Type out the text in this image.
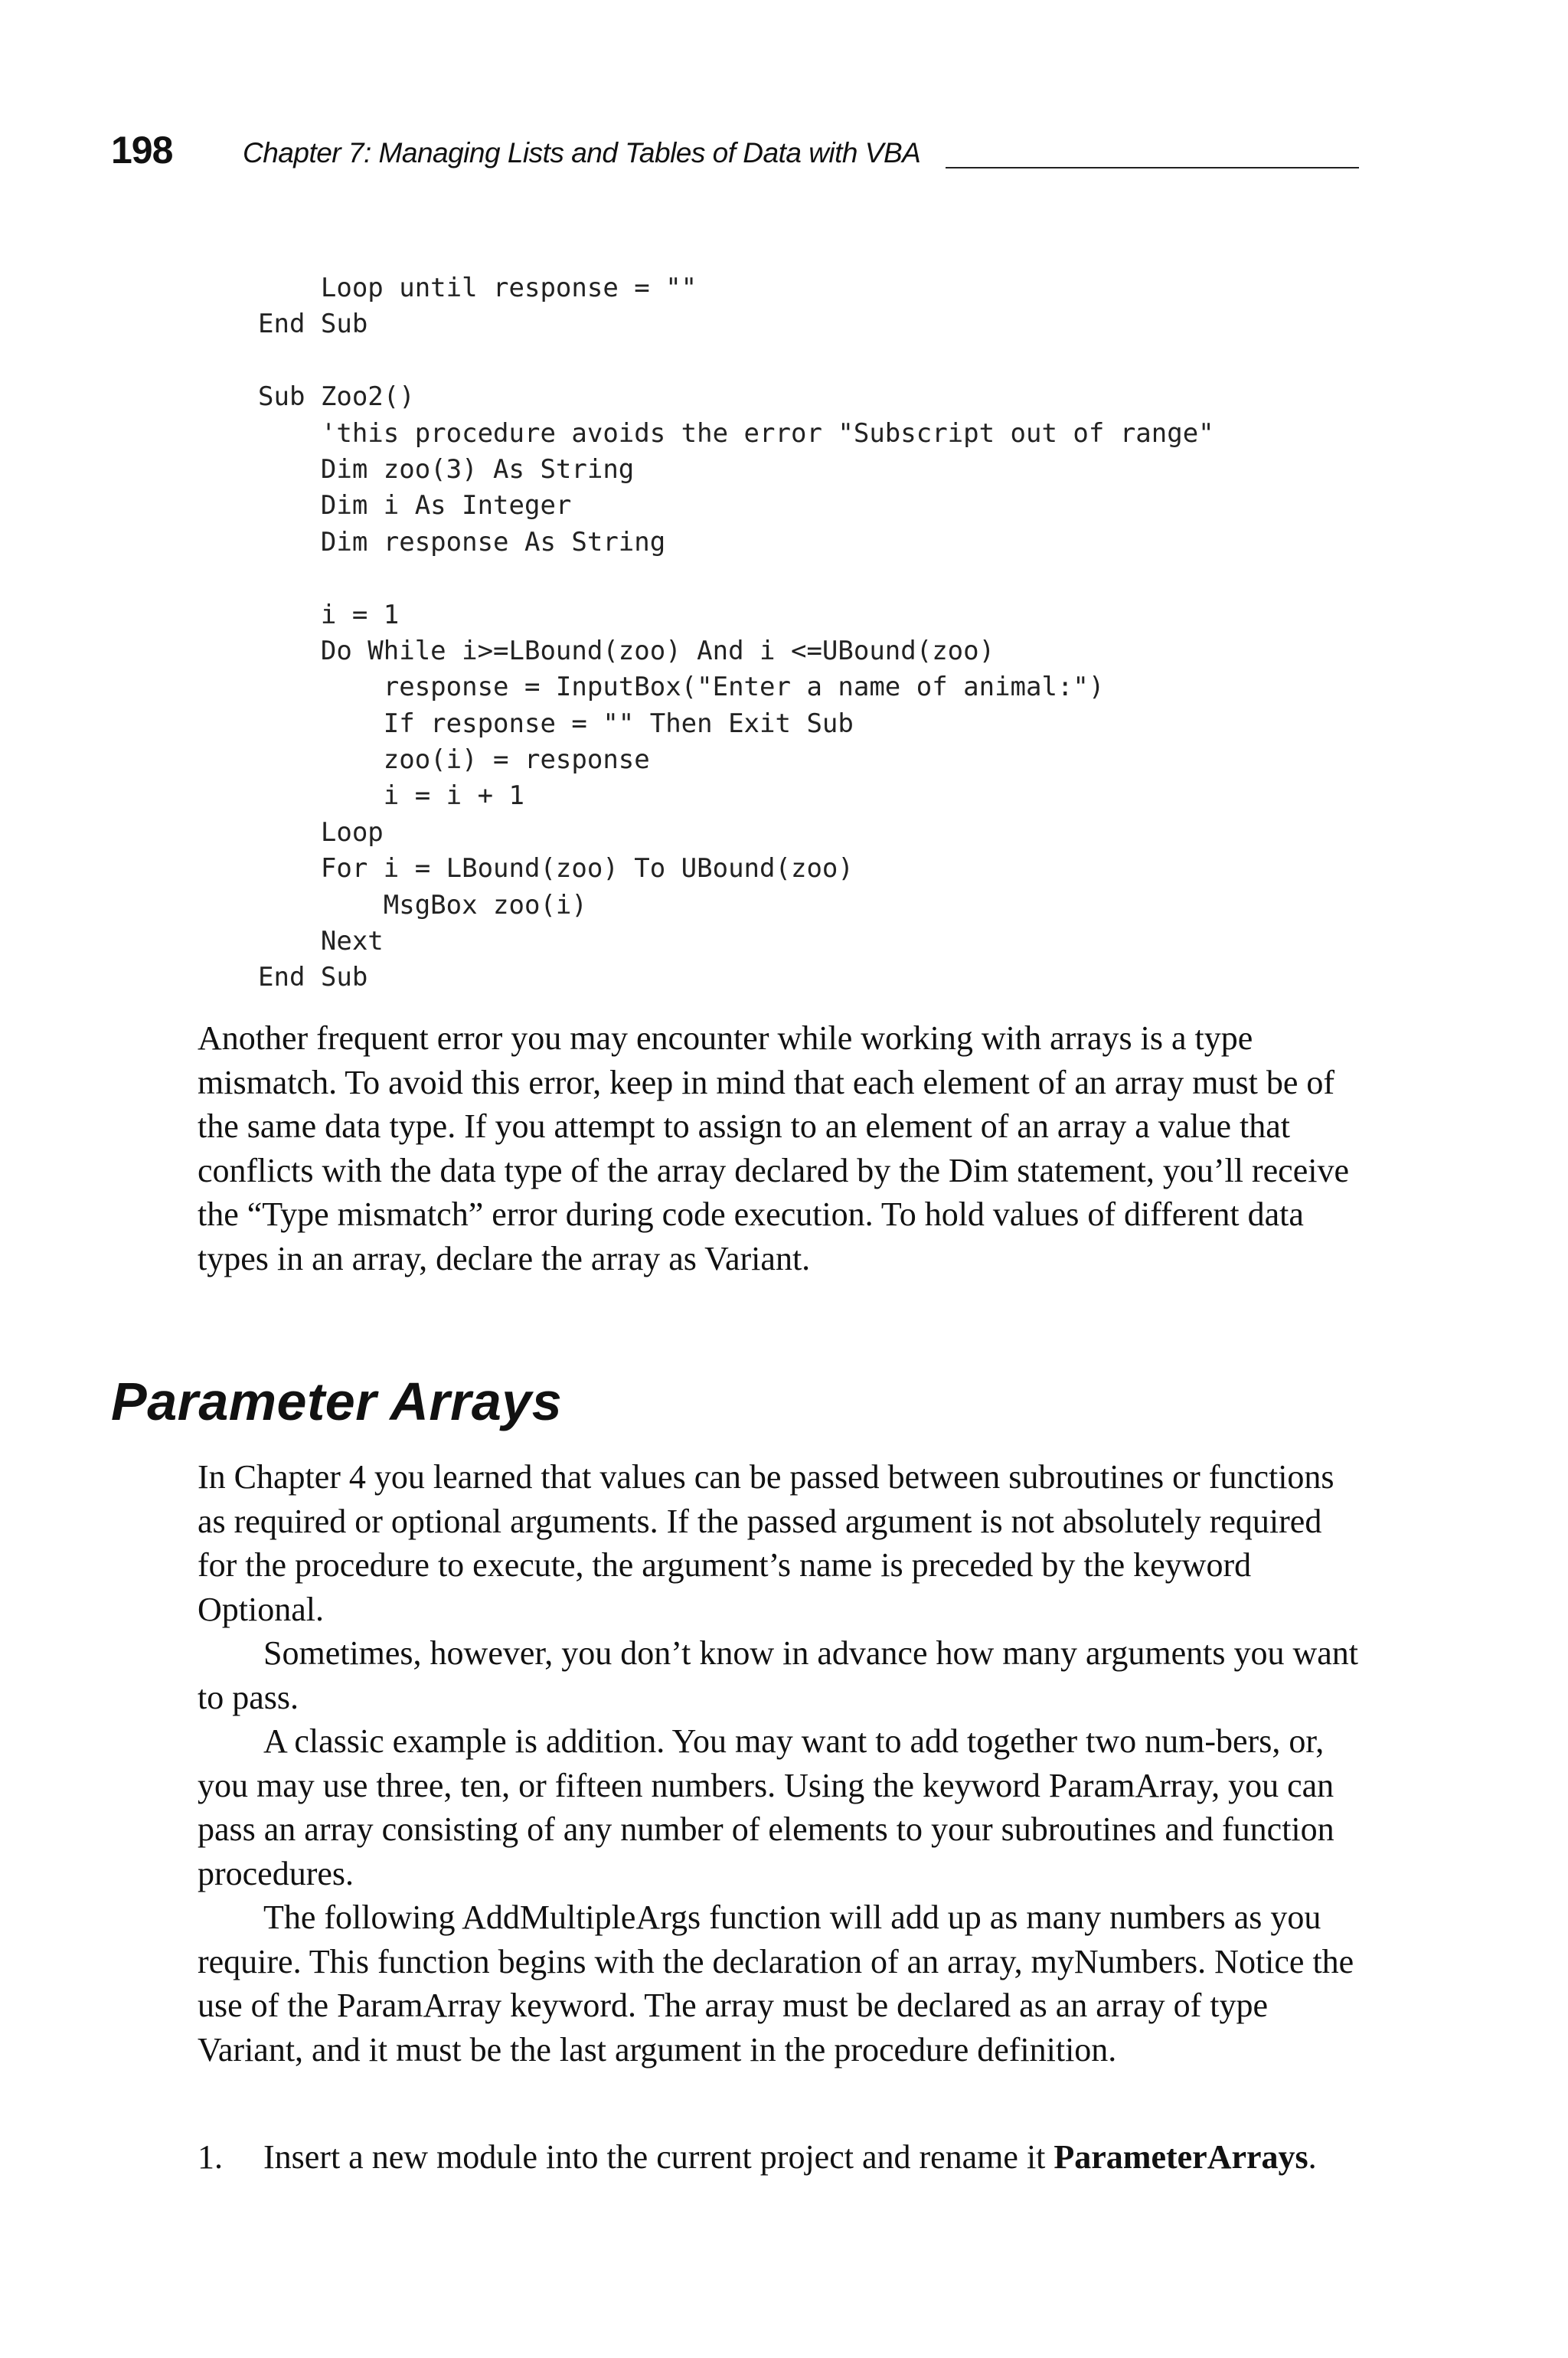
198 Chapter 7: Managing Lists and Tables of Data with VBA
Loop until response = ""
End Sub
Sub Zoo2()
'this procedure avoids the error "Subscript out of range"
Dim zoo(3) As String
Dim i As Integer
Dim response As String
i = 1
Do While i>=LBound(zoo) And i <=UBound(zoo)
response = InputBox("Enter a name of animal:")
If response = "" Then Exit Sub
zoo(i) = response
i = i + 1
Loop
For i = LBound(zoo) To UBound(zoo)
MsgBox zoo(i)
Next
End Sub

Another frequent error you may encounter while working with arrays is a type mismatch. To avoid this error, keep in mind that each element of an array must be of the same data type. If you attempt to assign to an element of an array a value that conflicts with the data type of the array declared by the Dim statement, you’ll receive the “Type mismatch” error during code execution. To hold values of different data types in an array, declare the array as Variant.

Parameter Arrays

In Chapter 4 you learned that values can be passed between subroutines or functions as required or optional arguments. If the passed argument is not absolutely required for the procedure to execute, the argument’s name is preceded by the keyword Optional.

Sometimes, however, you don’t know in advance how many arguments you want to pass.

A classic example is addition. You may want to add together two num-bers, or, you may use three, ten, or fifteen numbers. Using the keyword ParamArray, you can pass an array consisting of any number of elements to your subroutines and function procedures.

The following AddMultipleArgs function will add up as many numbers as you require. This function begins with the declaration of an array, myNumbers. Notice the use of the ParamArray keyword. The array must be declared as an array of type Variant, and it must be the last argument in the procedure definition.

1. Insert a new module into the current project and rename it ParameterArrays.
